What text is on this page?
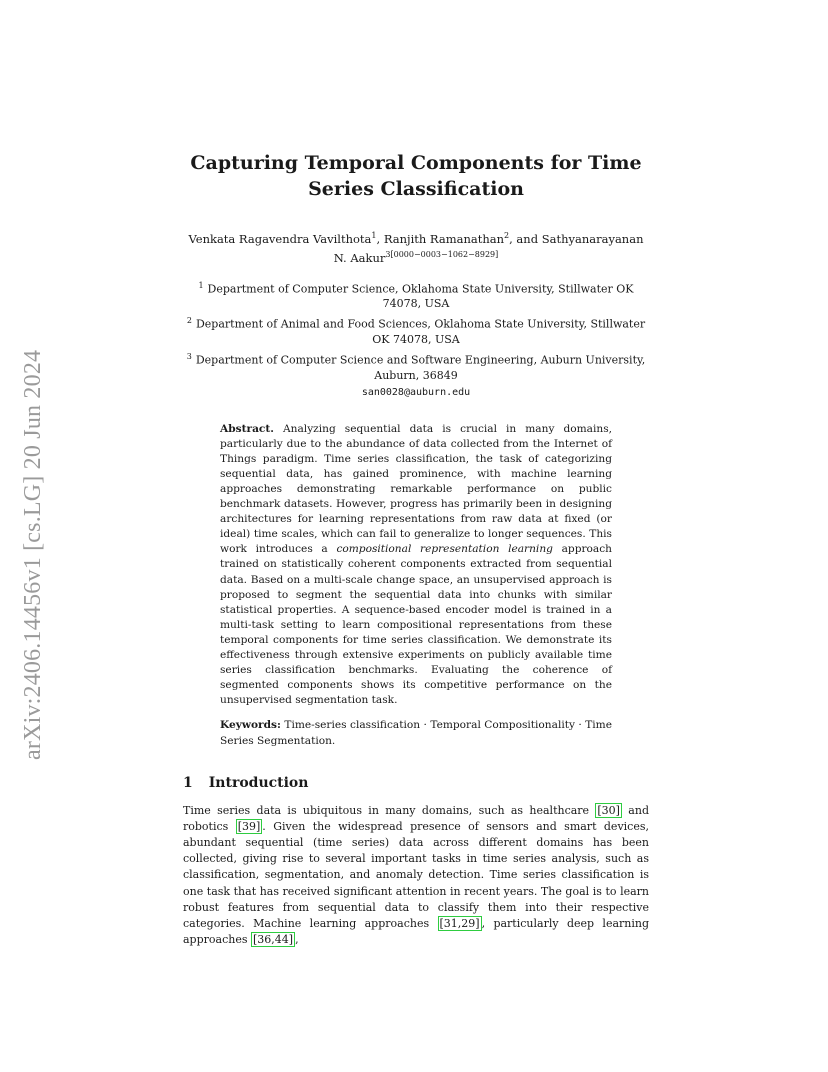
arXiv:2406.14456v1 [cs.LG] 20 Jun 2024
Capturing Temporal Components for Time Series Classification
Venkata Ragavendra Vavilthota$^1$, Ranjith Ramanathan$^2$, and Sathyanarayanan N. Aakur$^{3[0000-0003-1062-8929]}$
$^1$ Department of Computer Science, Oklahoma State University, Stillwater OK 74078, USA
$^2$ Department of Animal and Food Sciences, Oklahoma State University, Stillwater OK 74078, USA
$^3$ Department of Computer Science and Software Engineering, Auburn University, Auburn, 36849
san0028@auburn.edu
Abstract. Analyzing sequential data is crucial in many domains, particularly due to the abundance of data collected from the Internet of Things paradigm. Time series classification, the task of categorizing sequential data, has gained prominence, with machine learning approaches demonstrating remarkable performance on public benchmark datasets. However, progress has primarily been in designing architectures for learning representations from raw data at fixed (or ideal) time scales, which can fail to generalize to longer sequences. This work introduces a compositional representation learning approach trained on statistically coherent components extracted from sequential data. Based on a multi-scale change space, an unsupervised approach is proposed to segment the sequential data into chunks with similar statistical properties. A sequence-based encoder model is trained in a multi-task setting to learn compositional representations from these temporal components for time series classification. We demonstrate its effectiveness through extensive experiments on publicly available time series classification benchmarks. Evaluating the coherence of segmented components shows its competitive performance on the unsupervised segmentation task.
Keywords: Time-series classification · Temporal Compositionality · Time Series Segmentation.
1 Introduction
Time series data is ubiquitous in many domains, such as healthcare [30] and robotics [39] . Given the widespread presence of sensors and smart devices, abundant sequential (time series) data across different domains has been collected, giving rise to several important tasks in time series analysis, such as classification, segmentation, and anomaly detection. Time series classification is one task that has received significant attention in recent years. The goal is to learn robust features from sequential data to classify them into their respective categories. Machine learning approaches [31,29] , particularly deep learning approaches [36,44] ,
